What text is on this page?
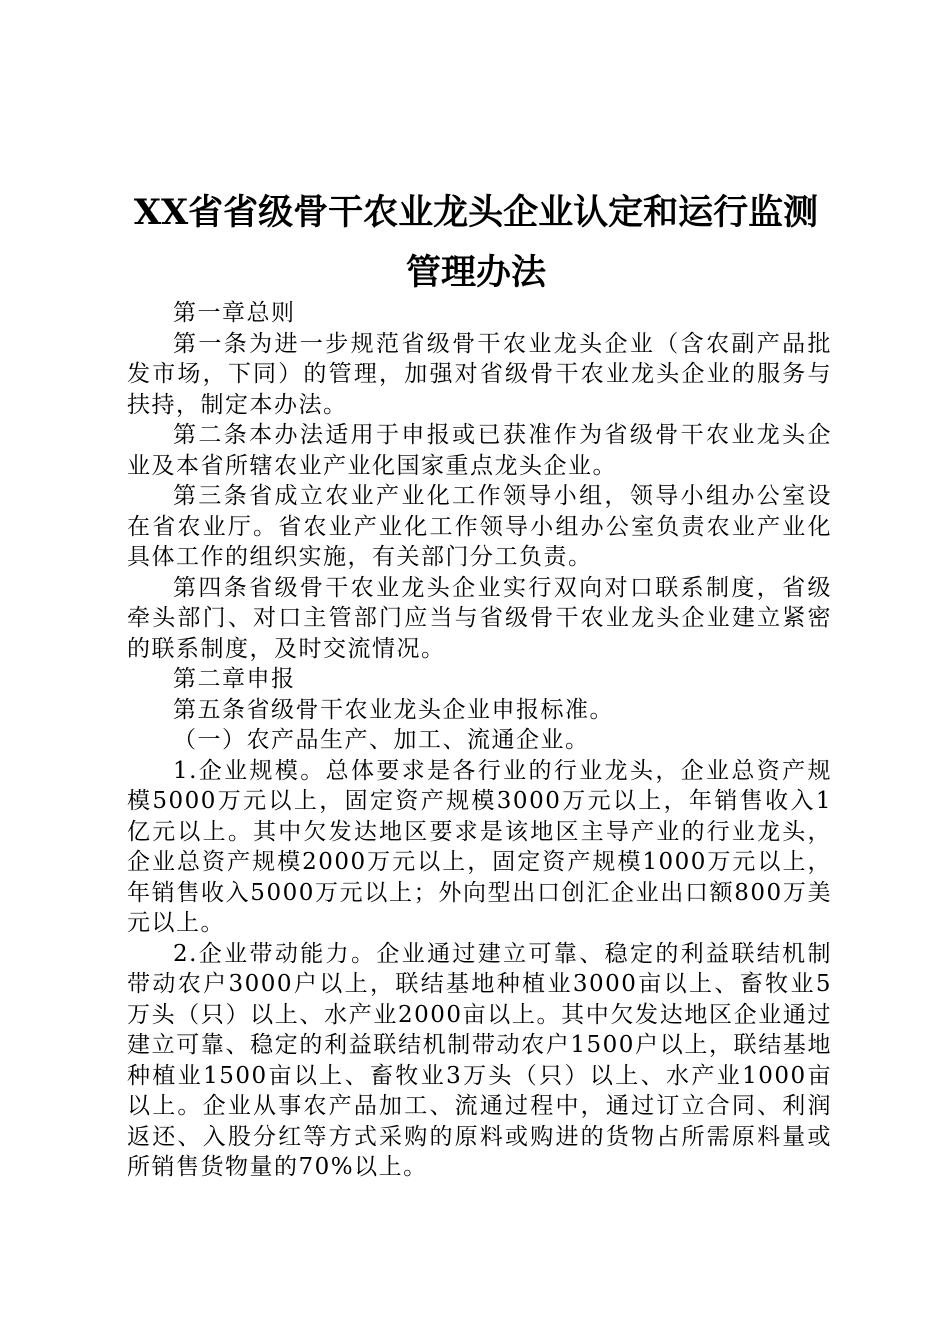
XX省省级骨干农业龙头企业认定和运行监测
管理办法

第一章总则

第一条为进一步规范省级骨干农业龙头企业（含农副产品批发市场，下同）的管理，加强对省级骨干农业龙头企业的服务与扶持，制定本办法。

第二条本办法适用于申报或已获准作为省级骨干农业龙头企业及本省所辖农业产业化国家重点龙头企业。

第三条省成立农业产业化工作领导小组，领导小组办公室设在省农业厅。省农业产业化工作领导小组办公室负责农业产业化具体工作的组织实施，有关部门分工负责。

第四条省级骨干农业龙头企业实行双向对口联系制度，省级牵头部门、对口主管部门应当与省级骨干农业龙头企业建立紧密的联系制度，及时交流情况。

第二章申报

第五条省级骨干农业龙头企业申报标准。

（一）农产品生产、加工、流通企业。

1.企业规模。总体要求是各行业的行业龙头，企业总资产规模5000万元以上，固定资产规模3000万元以上，年销售收入1亿元以上。其中欠发达地区要求是该地区主导产业的行业龙头，企业总资产规模2000万元以上，固定资产规模1000万元以上，年销售收入5000万元以上；外向型出口创汇企业出口额800万美元以上。

2.企业带动能力。企业通过建立可靠、稳定的利益联结机制带动农户3000户以上，联结基地种植业3000亩以上、畜牧业5万头（只）以上、水产业2000亩以上。其中欠发达地区企业通过建立可靠、稳定的利益联结机制带动农户1500户以上，联结基地种植业1500亩以上、畜牧业3万头（只）以上、水产业1000亩以上。企业从事农产品加工、流通过程中，通过订立合同、利润返还、入股分红等方式采购的原料或购进的货物占所需原料量或所销售货物量的70%以上。
